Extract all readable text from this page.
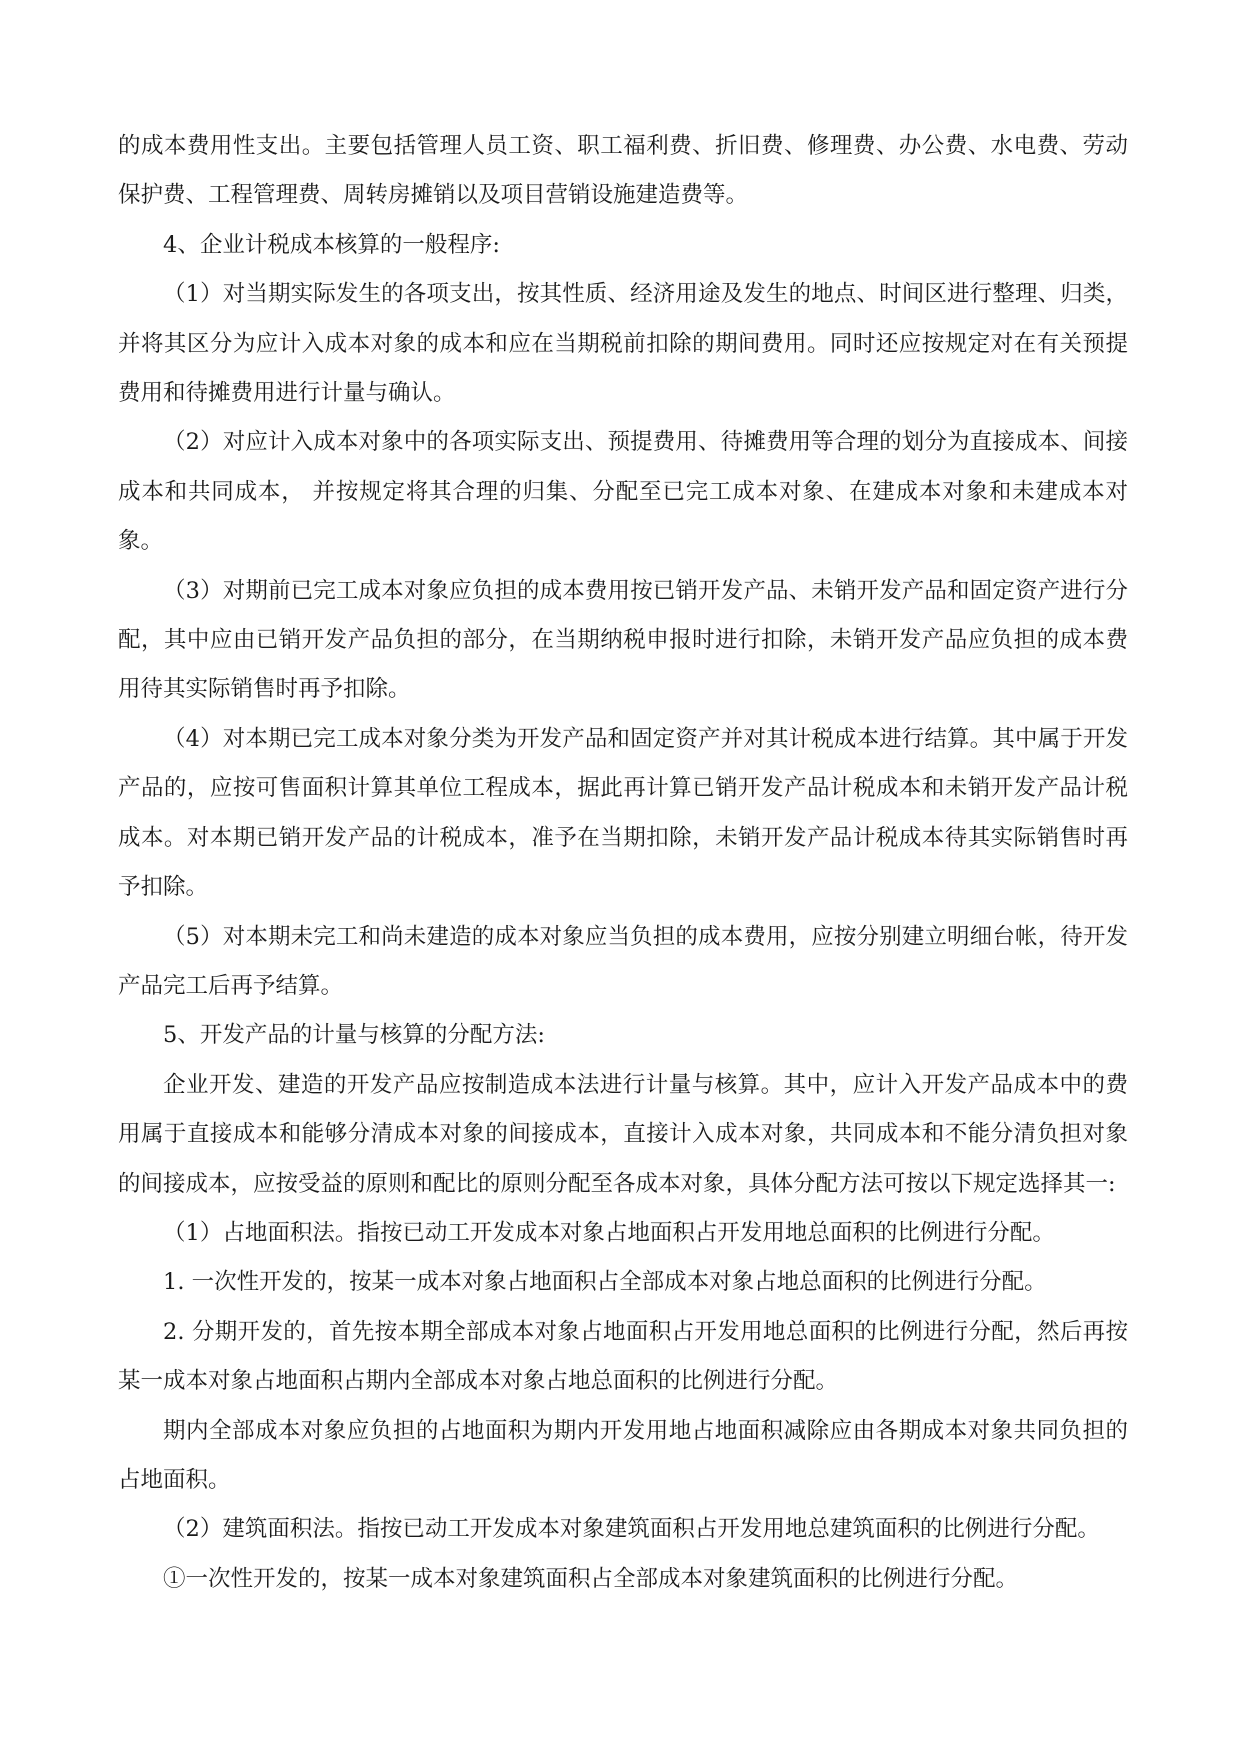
的成本费用性支出。主要包括管理人员工资、职工福利费、折旧费、修理费、办公费、水电费、劳动保护费、工程管理费、周转房摊销以及项目营销设施建造费等。

4、企业计税成本核算的一般程序:

（1）对当期实际发生的各项支出，按其性质、经济用途及发生的地点、时间区进行整理、归类，并将其区分为应计入成本对象的成本和应在当期税前扣除的期间费用。同时还应按规定对在有关预提费用和待摊费用进行计量与确认。

（2）对应计入成本对象中的各项实际支出、预提费用、待摊费用等合理的划分为直接成本、间接成本和共同成本， 并按规定将其合理的归集、分配至已完工成本对象、在建成本对象和未建成本对象。

（3）对期前已完工成本对象应负担的成本费用按已销开发产品、未销开发产品和固定资产进行分配，其中应由已销开发产品负担的部分，在当期纳税申报时进行扣除，未销开发产品应负担的成本费用待其实际销售时再予扣除。

（4）对本期已完工成本对象分类为开发产品和固定资产并对其计税成本进行结算。其中属于开发产品的，应按可售面积计算其单位工程成本，据此再计算已销开发产品计税成本和未销开发产品计税成本。对本期已销开发产品的计税成本，准予在当期扣除，未销开发产品计税成本待其实际销售时再予扣除。

（5）对本期未完工和尚未建造的成本对象应当负担的成本费用，应按分别建立明细台帐，待开发产品完工后再予结算。

5、开发产品的计量与核算的分配方法:

企业开发、建造的开发产品应按制造成本法进行计量与核算。其中，应计入开发产品成本中的费用属于直接成本和能够分清成本对象的间接成本，直接计入成本对象，共同成本和不能分清负担对象的间接成本，应按受益的原则和配比的原则分配至各成本对象，具体分配方法可按以下规定选择其一:

（1）占地面积法。指按已动工开发成本对象占地面积占开发用地总面积的比例进行分配。

1. 一次性开发的，按某一成本对象占地面积占全部成本对象占地总面积的比例进行分配。

2. 分期开发的，首先按本期全部成本对象占地面积占开发用地总面积的比例进行分配，然后再按某一成本对象占地面积占期内全部成本对象占地总面积的比例进行分配。

期内全部成本对象应负担的占地面积为期内开发用地占地面积减除应由各期成本对象共同负担的占地面积。

（2）建筑面积法。指按已动工开发成本对象建筑面积占开发用地总建筑面积的比例进行分配。

①一次性开发的，按某一成本对象建筑面积占全部成本对象建筑面积的比例进行分配。
